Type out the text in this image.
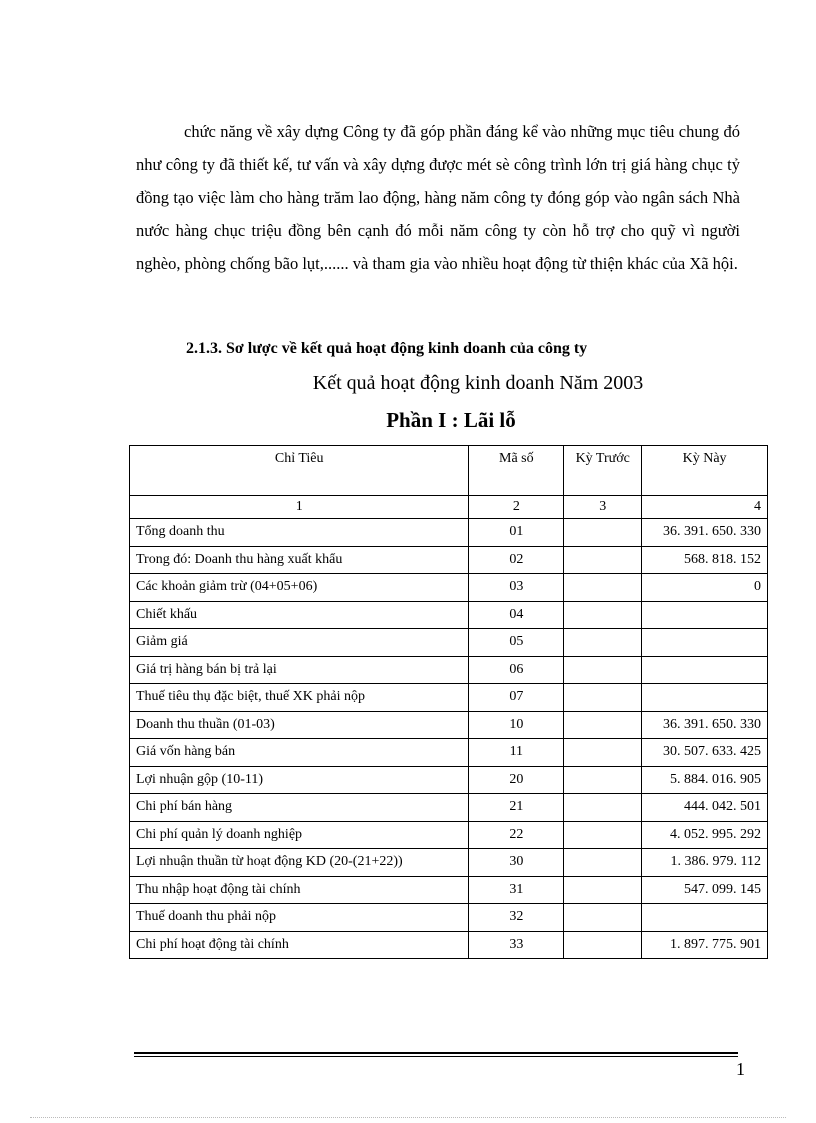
chức năng về xây dựng Công ty đã góp phần đáng kể vào những mục tiêu chung đó như công ty đã thiết kế, tư vấn và xây dựng được mét sè công trình lớn trị giá hàng chục tỷ đồng tạo việc làm cho hàng trăm lao động, hàng năm công ty đóng góp vào ngân sách Nhà nước hàng chục triệu đồng bên cạnh đó mỗi năm công ty còn hỗ trợ cho quỹ vì người nghèo, phòng chống bão lụt,...... và tham gia vào nhiều hoạt động từ thiện khác của Xã hội.

2.1.3. Sơ lược về kết quả hoạt động kinh doanh của công ty
Kết quả hoạt động kinh doanh Năm 2003
Phần I : Lãi lỗ
Chỉ Tiêu	Mã số	Kỳ Trước	Kỳ Này
1	2	3	4
Tổng doanh thu	01		36. 391. 650. 330
Trong đó: Doanh thu hàng xuất khẩu	02		568. 818. 152
Các khoản giảm trừ (04+05+06)	03		0
Chiết khấu	04		
Giảm giá	05		
Giá trị hàng bán bị trả lại	06		
Thuế tiêu thụ đặc biệt, thuế XK phải nộp	07		
Doanh thu thuần (01-03)	10		36. 391. 650. 330
Giá vốn hàng bán	11		30. 507. 633. 425
Lợi nhuận gộp (10-11)	20		5. 884. 016. 905
Chi phí bán hàng	21		444. 042. 501
Chi phí quản lý doanh nghiệp	22		4. 052. 995. 292
Lợi nhuận thuần từ hoạt động KD (20-(21+22))	30		1. 386. 979. 112
Thu nhập hoạt động tài chính	31		547. 099. 145
Thuế doanh thu phải nộp	32		
Chi phí hoạt động tài chính	33		1. 897. 775. 901
1
